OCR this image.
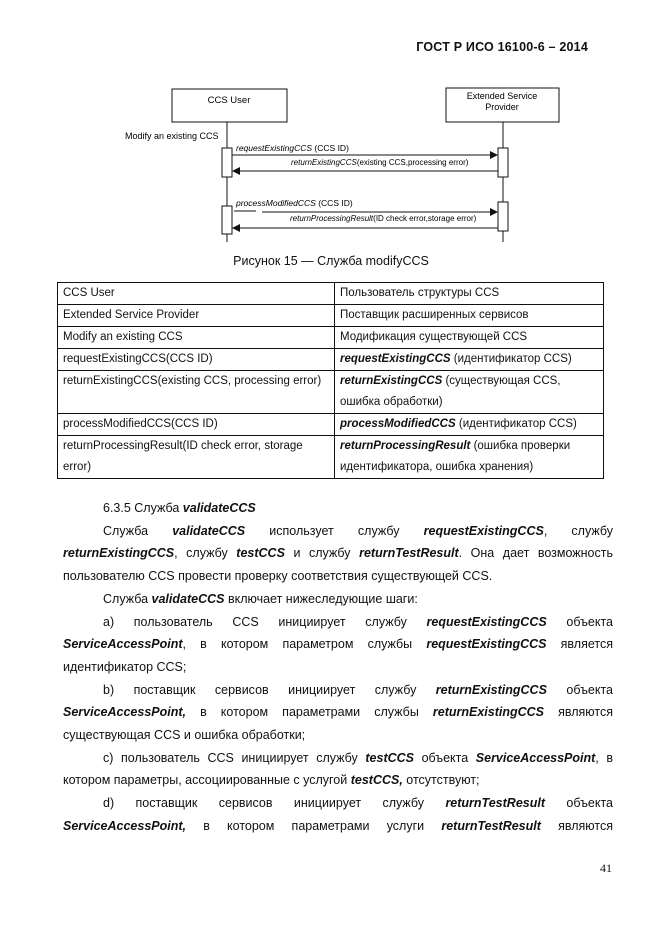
ГОСТ Р ИСО 16100-6 – 2014
CCS User	Extended Service
Provider
Modify an existing CCS
requestExistingCCS (CCS ID)
returnExistingCCS(existing CCS,processing error)
processModifiedCCS (CCS ID)
returnProcessingResult(ID check error,storage error)
Рисунок 15 — Служба modifyCCS
CCS User	Пользователь структуры CCS
Extended Service Provider	Поставщик расширенных сервисов
Modify an existing CCS	Модификация существующей CCS
requestExistingCCS(CCS ID)	requestExistingCCS (идентификатор CCS)
returnExistingCCS(existing CCS, processing error)	returnExistingCCS (существующая CCS, ошибка обработки)
processModifiedCCS(CCS ID)	processModifiedCCS (идентификатор CCS)
returnProcessingResult(ID check error, storage error)	returnProcessingResult (ошибка проверки идентификатора, ошибка хранения)

6.3.5 Служба validateCCS

Служба validateCCS использует службу requestExistingCCS, службу returnExistingCCS, службу testCCS и службу returnTestResult. Она дает возможность пользователю CCS провести проверку соответствия существующей CCS.

Служба validateCCS включает нижеследующие шаги:

a) пользователь CCS инициирует службу requestExistingCCS объекта ServiceAccessPoint, в котором параметром службы requestExistingCCS является идентификатор CCS;

b) поставщик сервисов инициирует службу returnExistingCCS объекта ServiceAccessPoint, в котором параметрами службы returnExistingCCS являются существующая CCS и ошибка обработки;

c) пользователь CCS инициирует службу testCCS объекта ServiceAccessPoint, в котором параметры, ассоциированные с услугой testCCS, отсутствуют;

d) поставщик сервисов инициирует службу returnTestResult объекта ServiceAccessPoint, в котором параметрами услуги returnTestResult являются

41
